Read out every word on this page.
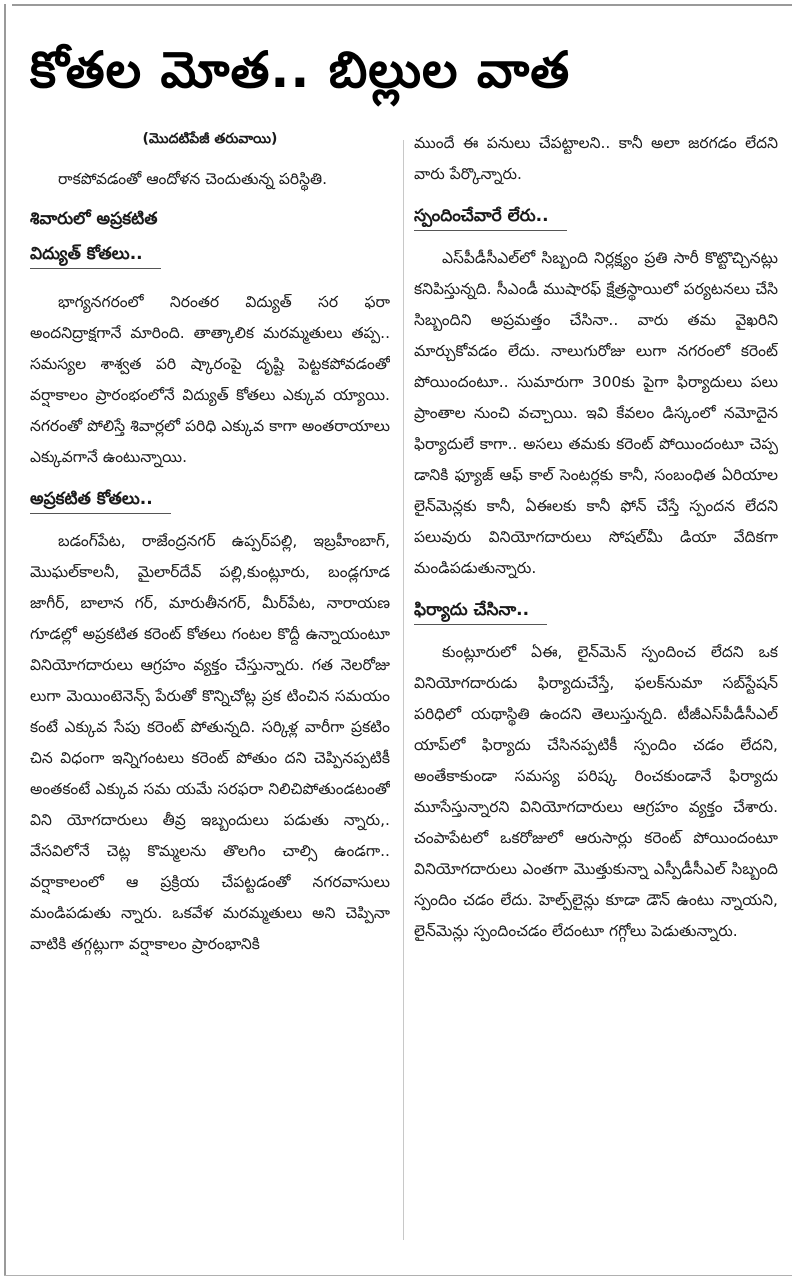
కోతల మోత.. బిల్లుల వాత
(మొదటిపేజీ తరువాయి)

రాకపోవడంతో ఆందోళన చెందుతున్న పరిస్థితి.

శివారులో అప్రకటిత
విద్యుత్ కోతలు..

భాగ్యనగరంలో నిరంతర విద్యుత్ సర ఫరా అందనిద్రాక్షగానే మారింది. తాత్కాలిక మరమ్మతులు తప్ప.. సమస్యల శాశ్వత పరి ష్కారంపై దృష్టి పెట్టకపోవడంతో వర్షాకాలం ప్రారంభంలోనే విద్యుత్ కోతలు ఎక్కువ య్యాయి. నగరంతో పోలిస్తే శివార్లలో పరిధి ఎక్కువ కాగా అంతరాయాలు ఎక్కువగానే ఉంటున్నాయి.

అప్రకటిత కోతలు..

బడంగ్‌పేట, రాజేంద్రనగర్ ఉప్పర్‌పల్లి, ఇబ్రహీంబాగ్, మొఘల్‌కాలనీ, మైలార్‌దేవ్ పల్లి,కుంట్లూరు, బండ్లగూడ జాగీర్, బాలాన గర్, మారుతీనగర్, మీర్‌పేట, నారాయణ గూడల్లో అప్రకటిత కరెంట్ కోతలు గంటల కొద్దీ ఉన్నాయంటూ వినియోగదారులు ఆగ్రహం వ్యక్తం చేస్తున్నారు. గత నెలరోజు లుగా మెయింటెనెన్స్ పేరుతో కొన్నిచోట్ల ప్రక టించిన సమయం కంటే ఎక్కువ సేపు కరెంట్ పోతున్నది. సర్కిళ్ల వారీగా ప్రకటిం చిన విధంగా ఇన్నిగంటలు కరెంట్ పోతుం దని చెప్పినప్పటికీ అంతకంటే ఎక్కువ సమ యమే సరఫరా నిలిచిపోతుండటంతో విని యోగదారులు తీవ్ర ఇబ్బందులు పడుతు న్నారు,. వేసవిలోనే చెట్ల కొమ్మలను తొలగిం చాల్సి ఉండగా.. వర్షాకాలంలో ఆ ప్రక్రియ చేపట్టడంతో నగరవాసులు మండిపడుతు న్నారు. ఒకవేళ మరమ్మతులు అని చెప్పినా వాటికి తగ్గట్లుగా వర్షాకాలం ప్రారంభానికి

ముందే ఈ పనులు చేపట్టాలని.. కానీ అలా జరగడం లేదని వారు పేర్కొన్నారు.

స్పందించేవారే లేరు..

ఎస్‌పీడీసీఎల్‌లో సిబ్బంది నిర్లక్ష్యం ప్రతి సారీ కొట్టొచ్చినట్లు కనిపిస్తున్నది. సీఎండీ ముషారఫ్ క్షేత్రస్థాయిలో పర్యటనలు చేసి సిబ్బందిని అప్రమత్తం చేసినా.. వారు తమ వైఖరిని మార్చుకోవడం లేదు. నాలుగురోజు లుగా నగరంలో కరెంట్ పోయిందంటూ.. సుమారుగా 300కు పైగా ఫిర్యాదులు పలు ప్రాంతాల నుంచి వచ్చాయి. ఇవి కేవలం డిస్కంలో నమోదైన ఫిర్యాదులే కాగా.. అసలు తమకు కరెంట్ పోయిందంటూ చెప్ప డానికి ఫ్యూజ్ ఆఫ్ కాల్ సెంటర్లకు కానీ, సంబంధిత ఏరియాల లైన్‌మెన్లకు కానీ, ఏఈలకు కానీ ఫోన్ చేస్తే స్పందన లేదని పలువురు వినియోగదారులు సోషల్‌మీ డియా వేదికగా మండిపడుతున్నారు.

ఫిర్యాదు చేసినా..

కుంట్లూరులో ఏఈ, లైన్‌మెన్ స్పందించ లేదని ఒక వినియోగదారుడు ఫిర్యాదుచేస్తే, ఫలక్‌నుమా సబ్‌స్టేషన్ పరిధిలో యథాస్థితి ఉందని తెలుస్తున్నది. టీజీఎస్‌పీడీసీఎల్ యాప్‌లో ఫిర్యాదు చేసినప్పటికీ స్పందిం చడం లేదని, అంతేకాకుండా సమస్య పరిష్క రించకుండానే ఫిర్యాదు మూసేస్తున్నారని వినియోగదారులు ఆగ్రహం వ్యక్తం చేశారు. చంపాపేటలో ఒకరోజులో ఆరుసార్లు కరెంట్ పోయిందంటూ వినియోగదారులు ఎంతగా మొత్తుకున్నా ఎస్పీడీసీఎల్ సిబ్బంది స్పందిం చడం లేదు. హెల్ప్‌లైన్లు కూడా డౌన్ ఉంటు న్నాయని, లైన్‌మెన్లు స్పందించడం లేదంటూ గగ్గోలు పెడుతున్నారు.
